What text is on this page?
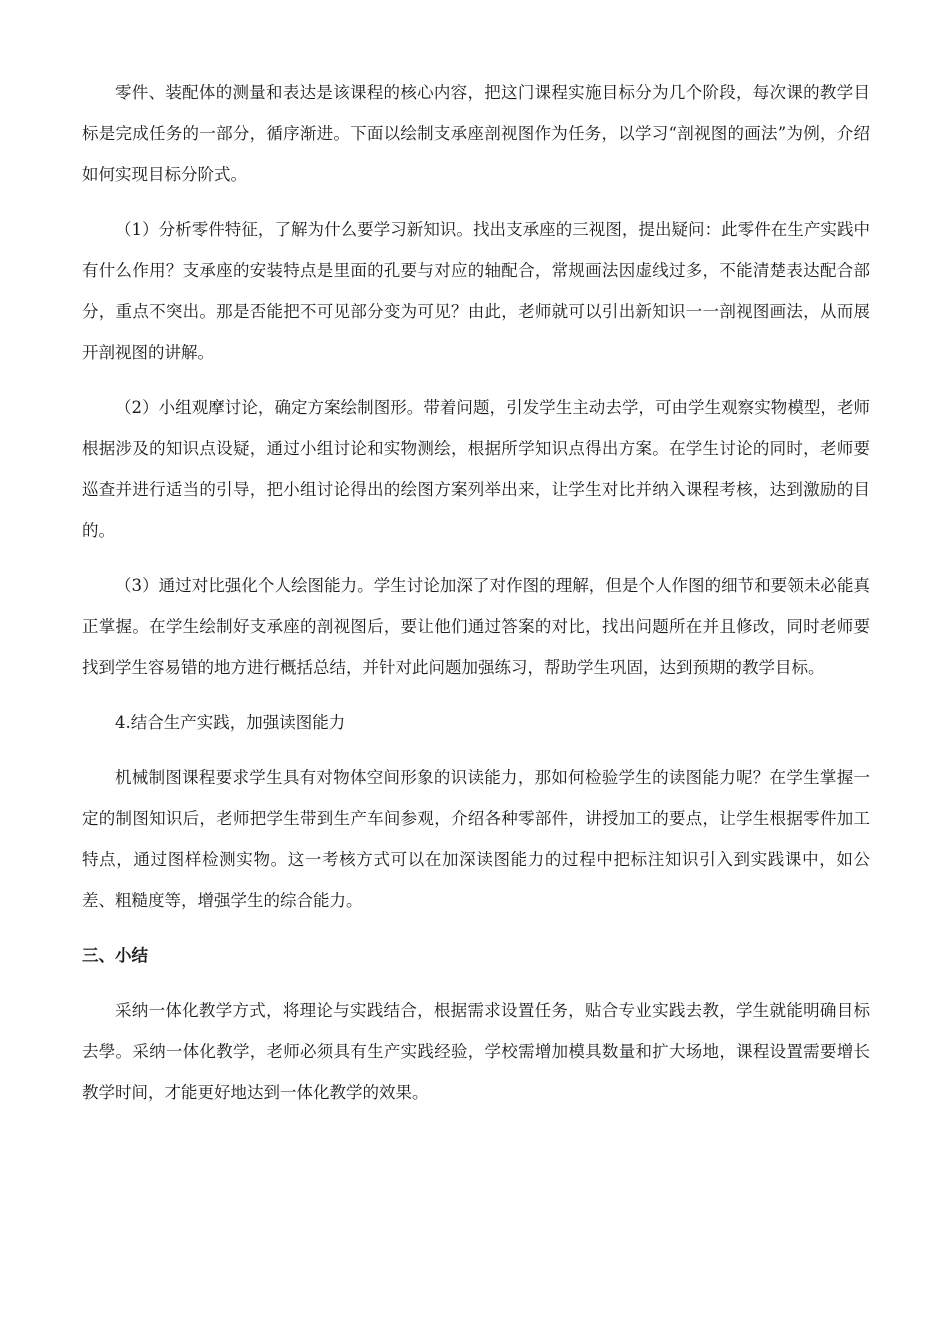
零件、装配体的测量和表达是该课程的核心内容，把这门课程实施目标分为几个阶段，每次课的教学目标是完成任务的一部分，循序渐进。下面以绘制支承座剖视图作为任务，以学习“剖视图的画法”为例，介绍如何实现目标分阶式。

（1）分析零件特征，了解为什么要学习新知识。找出支承座的三视图，提出疑问：此零件在生产实践中有什么作用？支承座的安装特点是里面的孔要与对应的轴配合，常规画法因虚线过多，不能清楚表达配合部分，重点不突出。那是否能把不可见部分变为可见？由此，老师就可以引出新知识一一剖视图画法，从而展开剖视图的讲解。

（2）小组观摩讨论，确定方案绘制图形。带着问题，引发学生主动去学，可由学生观察实物模型，老师根据涉及的知识点设疑，通过小组讨论和实物测绘，根据所学知识点得出方案。在学生讨论的同时，老师要巡查并进行适当的引导，把小组讨论得出的绘图方案列举出来，让学生对比并纳入课程考核，达到激励的目的。

（3）通过对比强化个人绘图能力。学生讨论加深了对作图的理解，但是个人作图的细节和要领未必能真正掌握。在学生绘制好支承座的剖视图后，要让他们通过答案的对比，找出问题所在并且修改，同时老师要找到学生容易错的地方进行概括总结，并针对此问题加强练习，帮助学生巩固，达到预期的教学目标。

4.结合生产实践，加强读图能力

机械制图课程要求学生具有对物体空间形象的识读能力，那如何检验学生的读图能力呢？在学生掌握一定的制图知识后，老师把学生带到生产车间参观，介绍各种零部件，讲授加工的要点，让学生根据零件加工特点，通过图样检测实物。这一考核方式可以在加深读图能力的过程中把标注知识引入到实践课中，如公差、粗糙度等，增强学生的综合能力。

三、小结

采纳一体化教学方式，将理论与实践结合，根据需求设置任务，贴合专业实践去教，学生就能明确目标去學。采纳一体化教学，老师必须具有生产实践经验，学校需增加模具数量和扩大场地，课程设置需要增长教学时间，才能更好地达到一体化教学的效果。
